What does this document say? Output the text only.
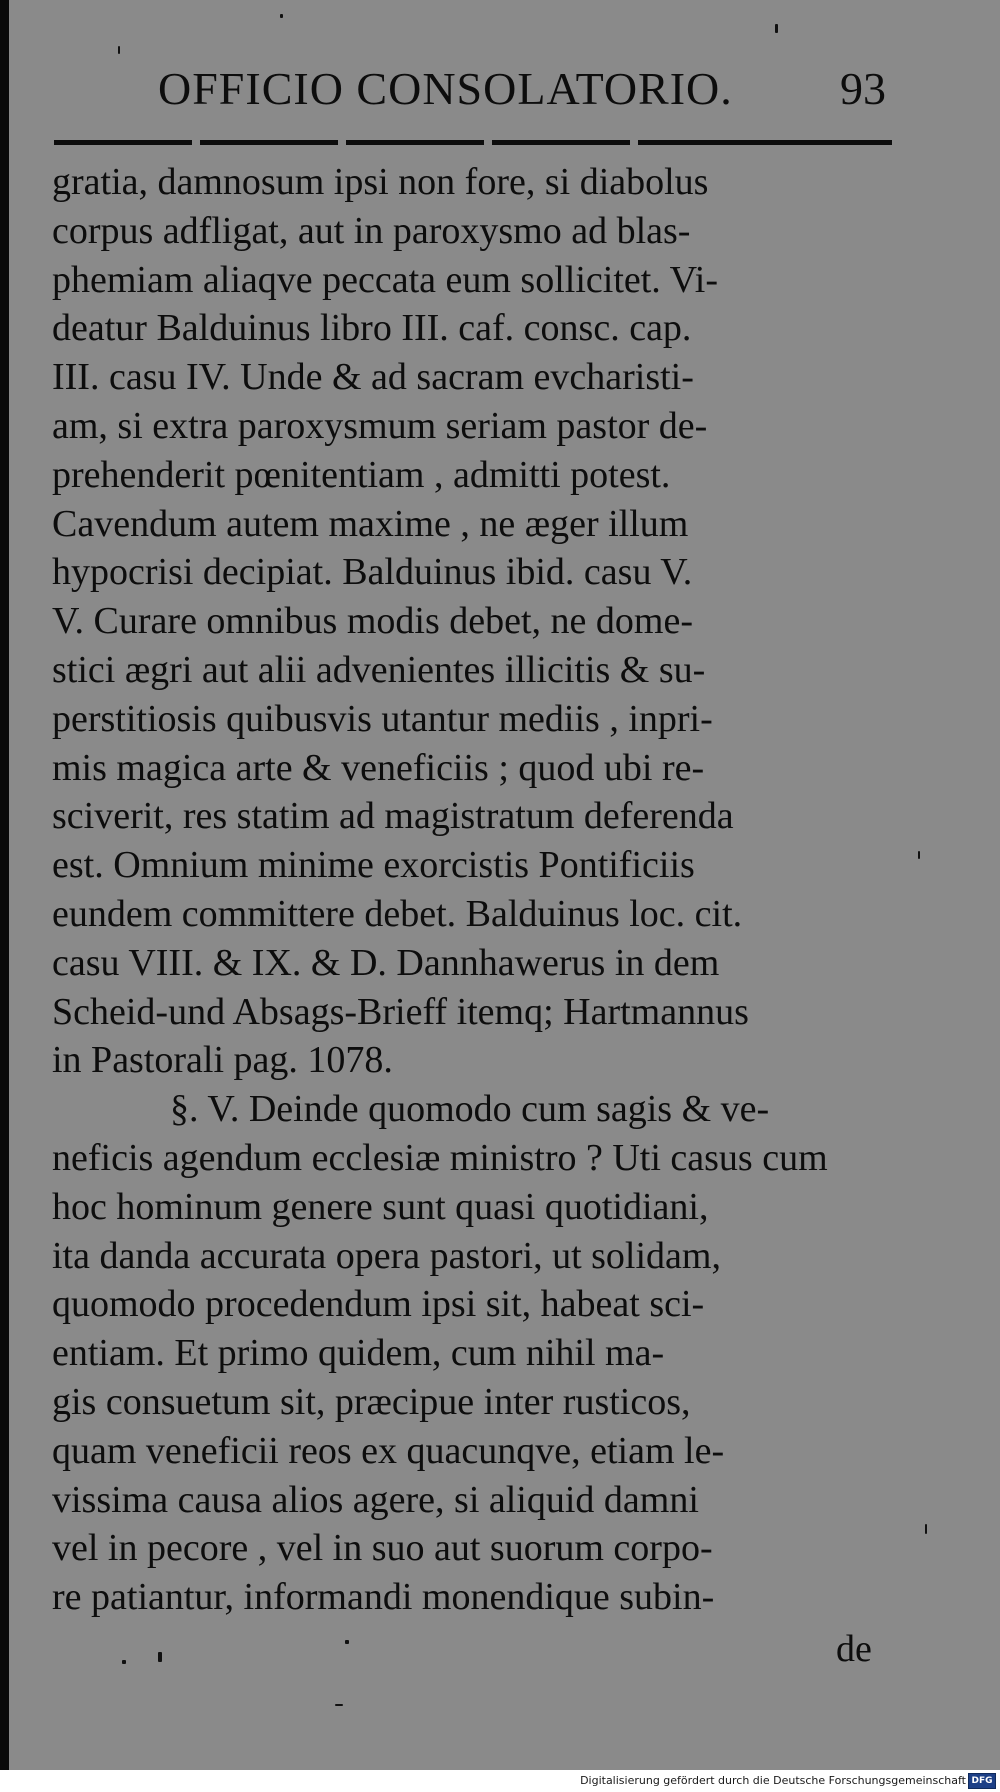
OFFICIO CONSOLATORIO. 93
gratia, damnosum ipsi non fore, si diabolus
corpus adfligat, aut in paroxysmo ad blas-
phemiam aliaqve peccata eum sollicitet. Vi-
deatur Balduinus libro III. caf. consc. cap.
III. casu IV. Unde & ad sacram evcharisti-
am, si extra paroxysmum seriam pastor de-
prehenderit pœnitentiam , admitti potest.
Cavendum autem maxime , ne æger illum
hypocrisi decipiat. Balduinus ibid. casu V.
V. Curare omnibus modis debet, ne dome-
stici ægri aut alii advenientes illicitis & su-
perstitiosis quibusvis utantur mediis , inpri-
mis magica arte & veneficiis ; quod ubi re-
sciverit, res statim ad magistratum deferenda
est. Omnium minime exorcistis Pontificiis
eundem committere debet. Balduinus loc. cit.
casu VIII. & IX. & D. Dannhawerus in dem
Scheid-und Absags-Brieff itemq; Hartmannus
in Pastorali pag. 1078.
§. V. Deinde quomodo cum sagis & ve-
neficis agendum ecclesiæ ministro ? Uti casus cum
hoc hominum genere sunt quasi quotidiani,
ita danda accurata opera pastori, ut solidam,
quomodo procedendum ipsi sit, habeat sci-
entiam. Et primo quidem, cum nihil ma-
gis consuetum sit, præcipue inter rusticos,
quam veneficii reos ex quacunqve, etiam le-
vissima causa alios agere, si aliquid damni
vel in pecore , vel in suo aut suorum corpo-
re patiantur, informandi monendique subin-
de
Digitalisierung gefördert durch die Deutsche Forschungsgemeinschaft DFG
